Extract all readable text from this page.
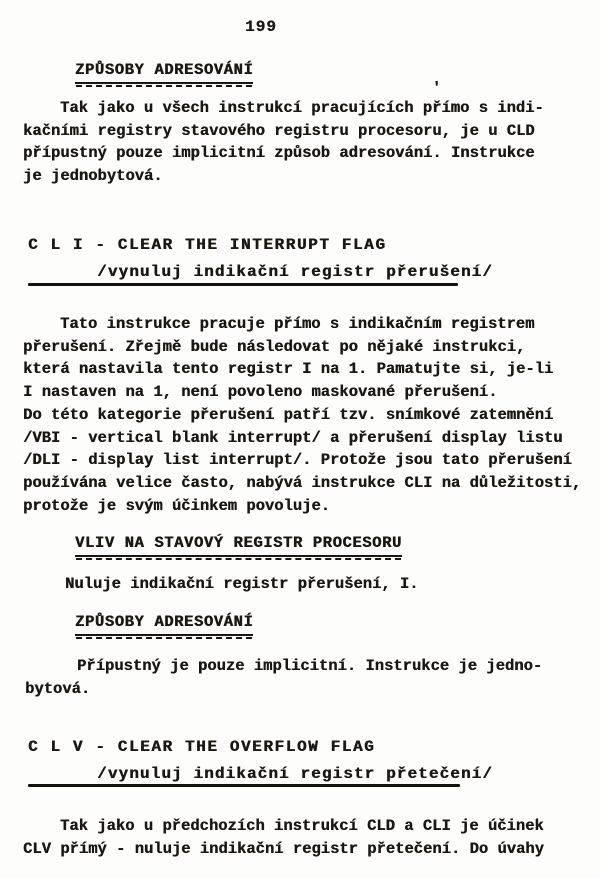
199
'
ZPŮSOBY ADRESOVÁNÍ
Tak jako u všech instrukcí pracujících přímo s indi-
kačními registry stavového registru procesoru, je u CLD
přípustný pouze implicitní způsob adresování. Instrukce
je jednobytová.
C L I - CLEAR THE INTERRUPT FLAG
/vynuluj indikační registr přerušení/
Tato instrukce pracuje přímo s indikačním registrem
přerušení. Zřejmě bude následovat po nějaké instrukci,
která nastavila tento registr I na 1. Pamatujte si, je-li
I nastaven na 1, není povoleno maskované přerušení.
Do této kategorie přerušení patří tzv. snímkové zatemnění
/VBI - vertical blank interrupt/ a přerušení display listu
/DLI - display list interrupt/. Protože jsou tato přerušení
používána velice často, nabývá instrukce CLI na důležitosti,
protože je svým účinkem povoluje.
VLIV NA STAVOVÝ REGISTR PROCESORU
Nuluje indikační registr přerušení, I.
ZPŮSOBY ADRESOVÁNÍ
Přípustný je pouze implicitní. Instrukce je jedno-
bytová.
C L V - CLEAR THE OVERFLOW FLAG
/vynuluj indikační registr přetečení/
Tak jako u předchozích instrukcí CLD a CLI je účinek
CLV přímý - nuluje indikační registr přetečení. Do úvahy
